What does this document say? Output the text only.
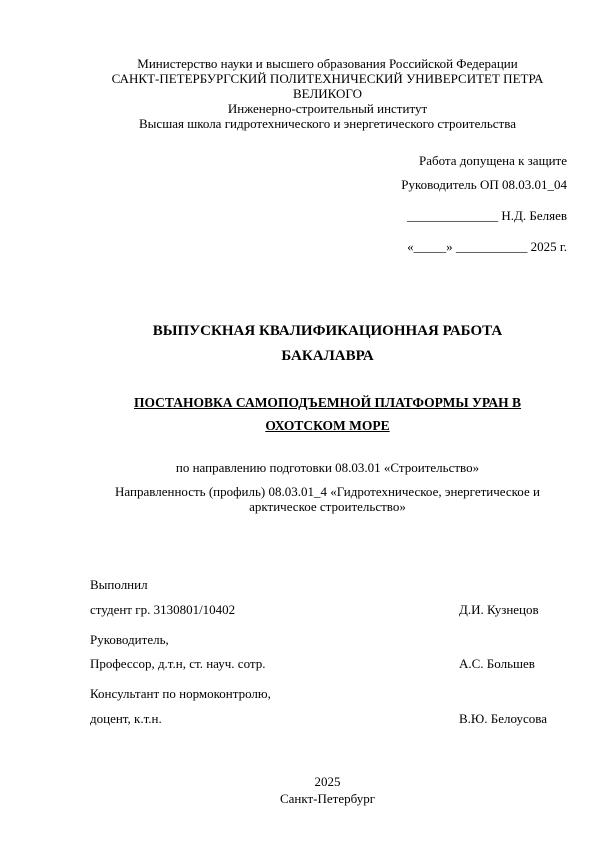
Министерство науки и высшего образования Российской Федерации
САНКТ-ПЕТЕРБУРГСКИЙ ПОЛИТЕХНИЧЕСКИЙ УНИВЕРСИТЕТ ПЕТРА
ВЕЛИКОГО
Инженерно-строительный институт
Высшая школа гидротехнического и энергетического строительства
Работа допущена к защите
Руководитель ОП 08.03.01_04
______________ Н.Д. Беляев
«_____» ___________ 2025 г.
ВЫПУСКНАЯ КВАЛИФИКАЦИОННАЯ РАБОТА
БАКАЛАВРА
ПОСТАНОВКА САМОПОДЪЕМНОЙ ПЛАТФОРМЫ УРАН В
ОХОТСКОМ МОРЕ
по направлению подготовки 08.03.01 «Строительство»
Направленность (профиль) 08.03.01_4 «Гидротехническое, энергетическое и
арктическое строительство»
Выполнил
студент гр. 3130801/10402	Д.И. Кузнецов
Руководитель,
Профессор, д.т.н, ст. науч. сотр.	А.С. Большев
Консультант по нормоконтролю,
доцент, к.т.н.	В.Ю. Белоусова
2025
Санкт-Петербург
